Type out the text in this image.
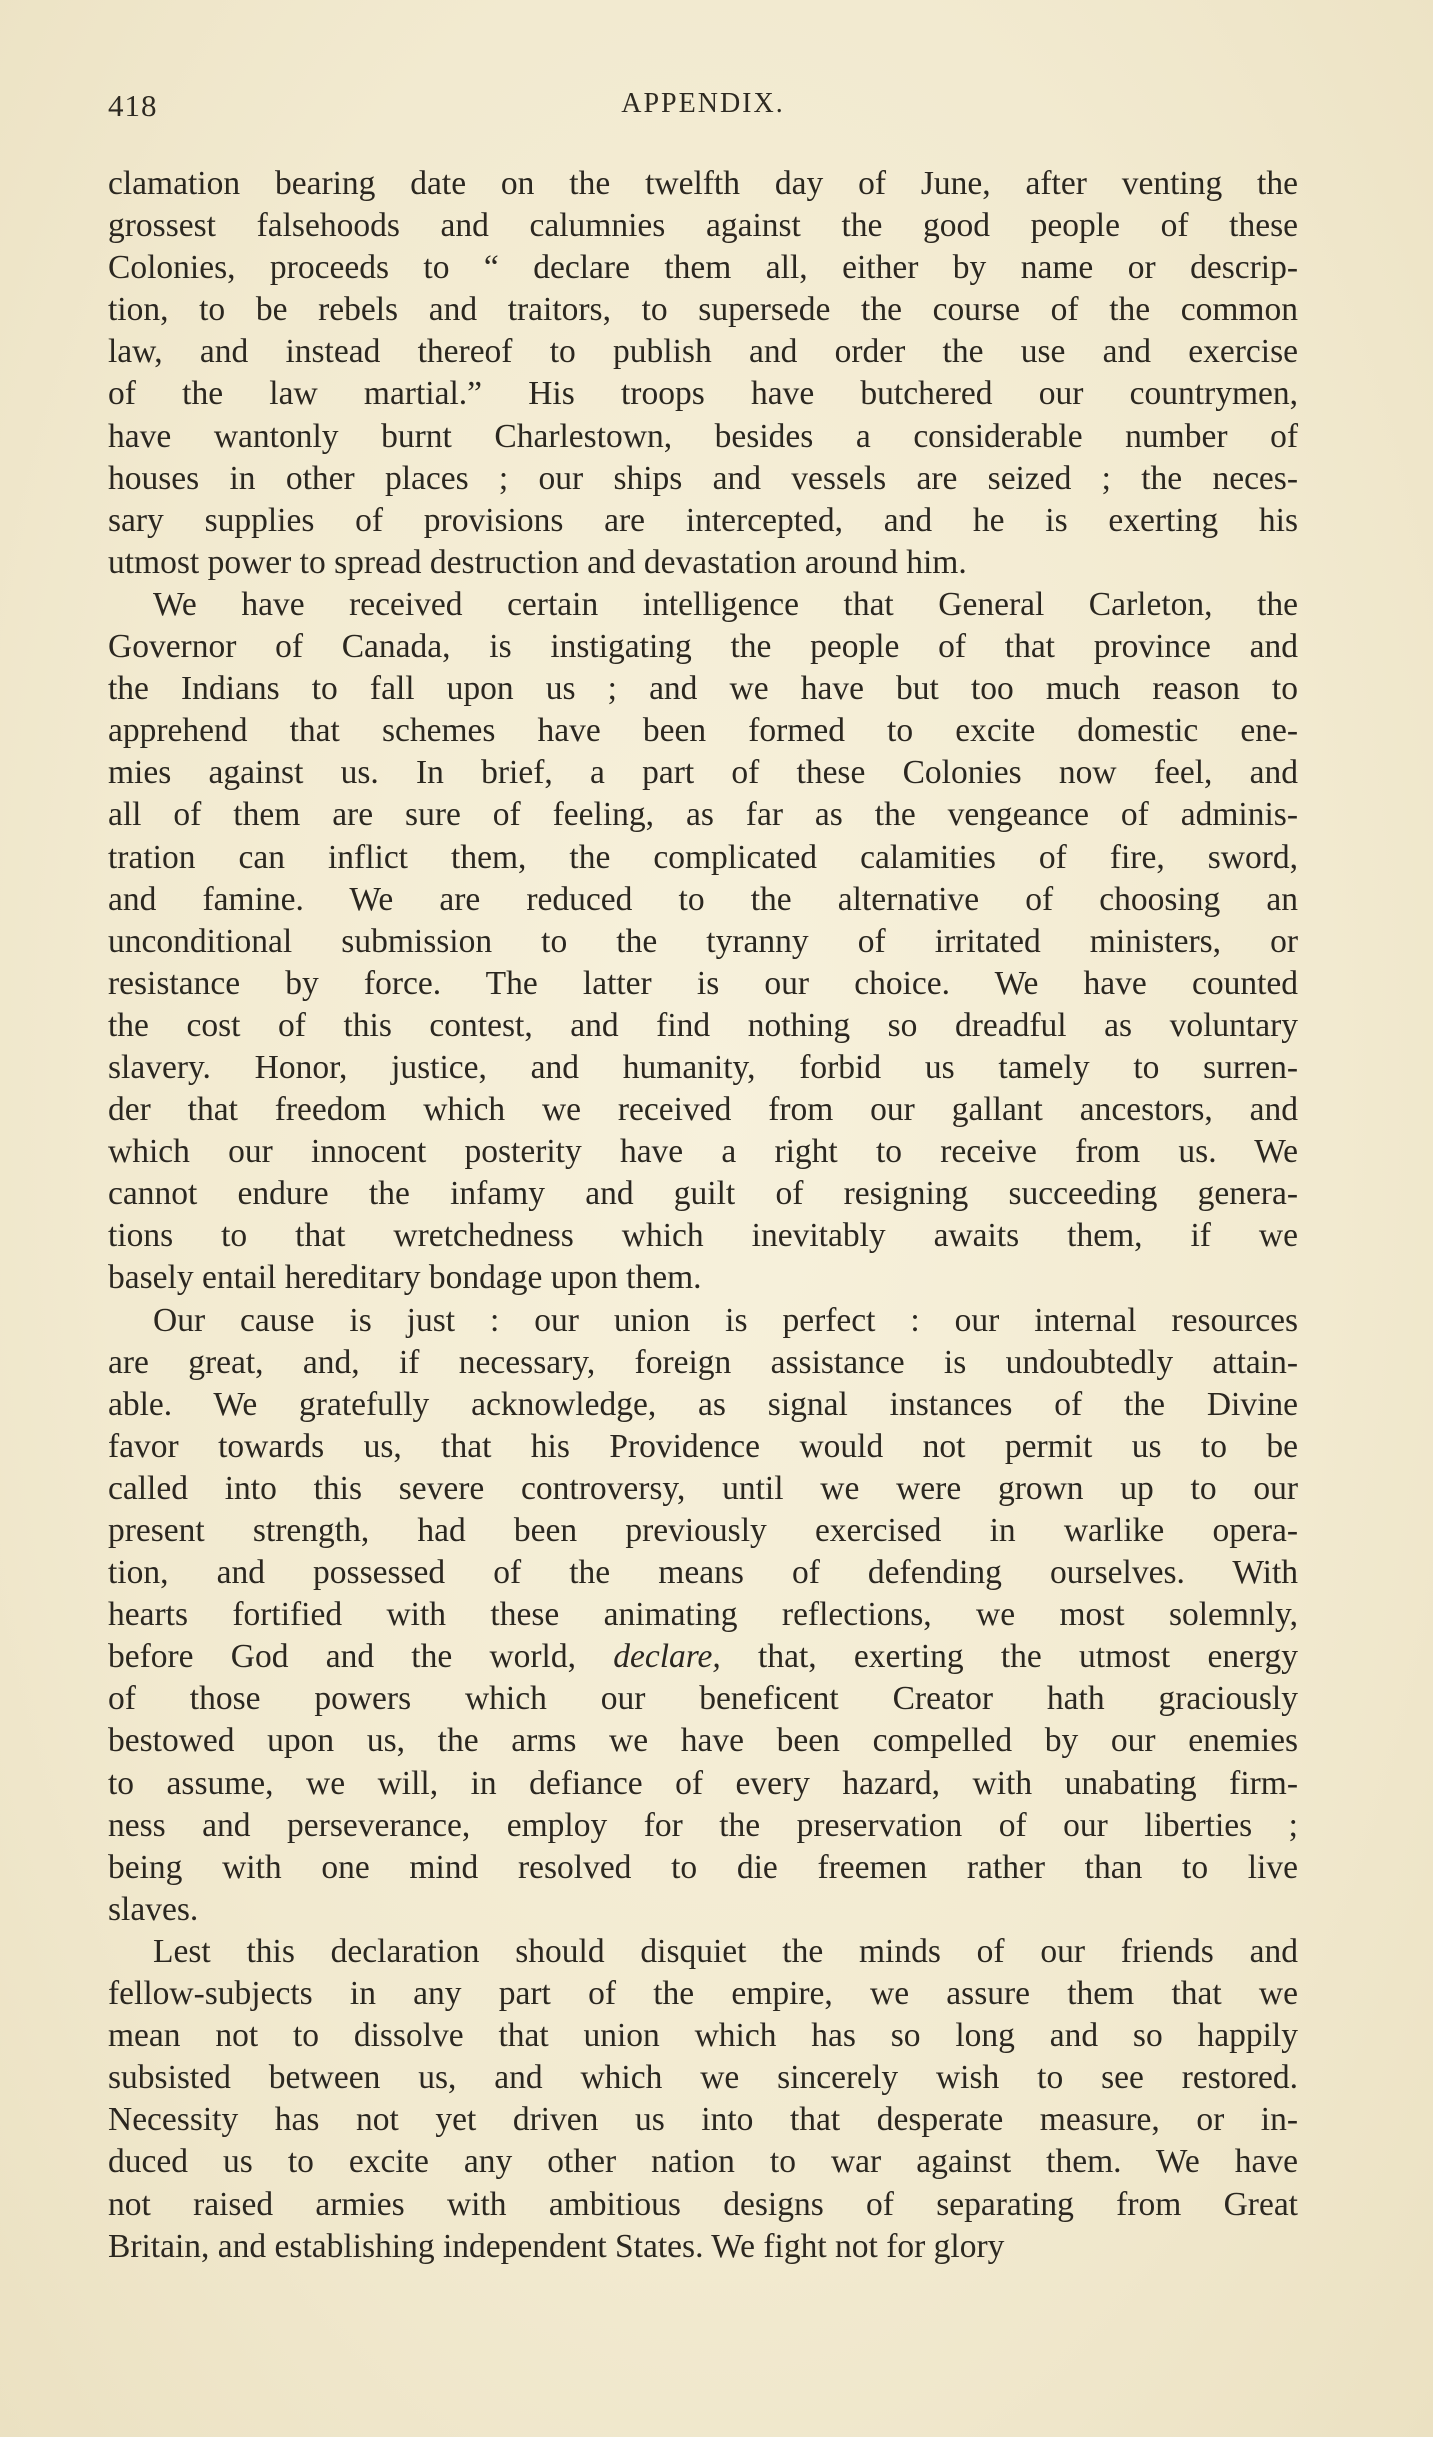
418	APPENDIX.
clamation bearing date on the twelfth day of June, after venting the
grossest falsehoods and calumnies against the good people of these
Colonies, proceeds to “ declare them all, either by name or descrip-
tion, to be rebels and traitors, to supersede the course of the common
law, and instead thereof to publish and order the use and exercise
of the law martial.” His troops have butchered our countrymen,
have wantonly burnt Charlestown, besides a considerable number of
houses in other places ; our ships and vessels are seized ; the neces-
sary supplies of provisions are intercepted, and he is exerting his
utmost power to spread destruction and devastation around him.
We have received certain intelligence that General Carleton, the
Governor of Canada, is instigating the people of that province and
the Indians to fall upon us ; and we have but too much reason to
apprehend that schemes have been formed to excite domestic ene-
mies against us. In brief, a part of these Colonies now feel, and
all of them are sure of feeling, as far as the vengeance of adminis-
tration can inflict them, the complicated calamities of fire, sword,
and famine. We are reduced to the alternative of choosing an
unconditional submission to the tyranny of irritated ministers, or
resistance by force. The latter is our choice. We have counted
the cost of this contest, and find nothing so dreadful as voluntary
slavery. Honor, justice, and humanity, forbid us tamely to surren-
der that freedom which we received from our gallant ancestors, and
which our innocent posterity have a right to receive from us. We
cannot endure the infamy and guilt of resigning succeeding genera-
tions to that wretchedness which inevitably awaits them, if we
basely entail hereditary bondage upon them.
Our cause is just : our union is perfect : our internal resources
are great, and, if necessary, foreign assistance is undoubtedly attain-
able. We gratefully acknowledge, as signal instances of the Divine
favor towards us, that his Providence would not permit us to be
called into this severe controversy, until we were grown up to our
present strength, had been previously exercised in warlike opera-
tion, and possessed of the means of defending ourselves. With
hearts fortified with these animating reflections, we most solemnly,
before God and the world, declare, that, exerting the utmost energy
of those powers which our beneficent Creator hath graciously
bestowed upon us, the arms we have been compelled by our enemies
to assume, we will, in defiance of every hazard, with unabating firm-
ness and perseverance, employ for the preservation of our liberties ;
being with one mind resolved to die freemen rather than to live
slaves.
Lest this declaration should disquiet the minds of our friends and
fellow-subjects in any part of the empire, we assure them that we
mean not to dissolve that union which has so long and so happily
subsisted between us, and which we sincerely wish to see restored.
Necessity has not yet driven us into that desperate measure, or in-
duced us to excite any other nation to war against them. We have
not raised armies with ambitious designs of separating from Great
Britain, and establishing independent States. We fight not for glory
